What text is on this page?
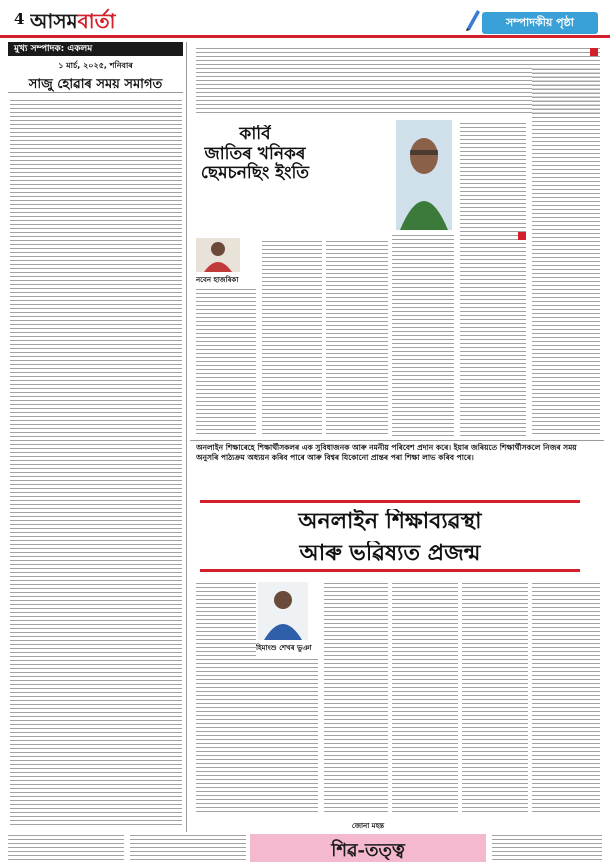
4 আসমবাৰ্তা	সম্পাদকীয় পৃষ্ঠা
মুখ্য সম্পাদক: একলম
১ মাৰ্চ, ২০২৫, শনিবাৰ
সাজু হোৱাৰ সময় সমাগত
কাৰ্বি
জাতিৰ খনিকৰ
ছেমচনছিং ইংতি
নবেন হাজৰিকা
অনলাইন শিক্ষাৰেহে শিক্ষাৰ্থীসকলৰ এক সুবিধাজনক আৰু নমনীয় পৰিবেশ প্ৰদান কৰে। ইয়াৰ জৰিয়তে শিক্ষাৰ্থীসকলে নিজৰ সময় অনুসৰি পাঠ্যক্ৰম অধ্যয়ন কৰিব পাৰে আৰু বিশ্বৰ যিকোনো প্ৰান্তৰ পৰা শিক্ষা লাভ কৰিব পাৰে।
অনলাইন শিক্ষাব্যৱস্থা
আৰু ভৱিষ্যত প্ৰজন্ম
হিমাংশু শেখৰ ভুঞা
শিৱ-তত্ত্ব
জোনা মহন্ত
